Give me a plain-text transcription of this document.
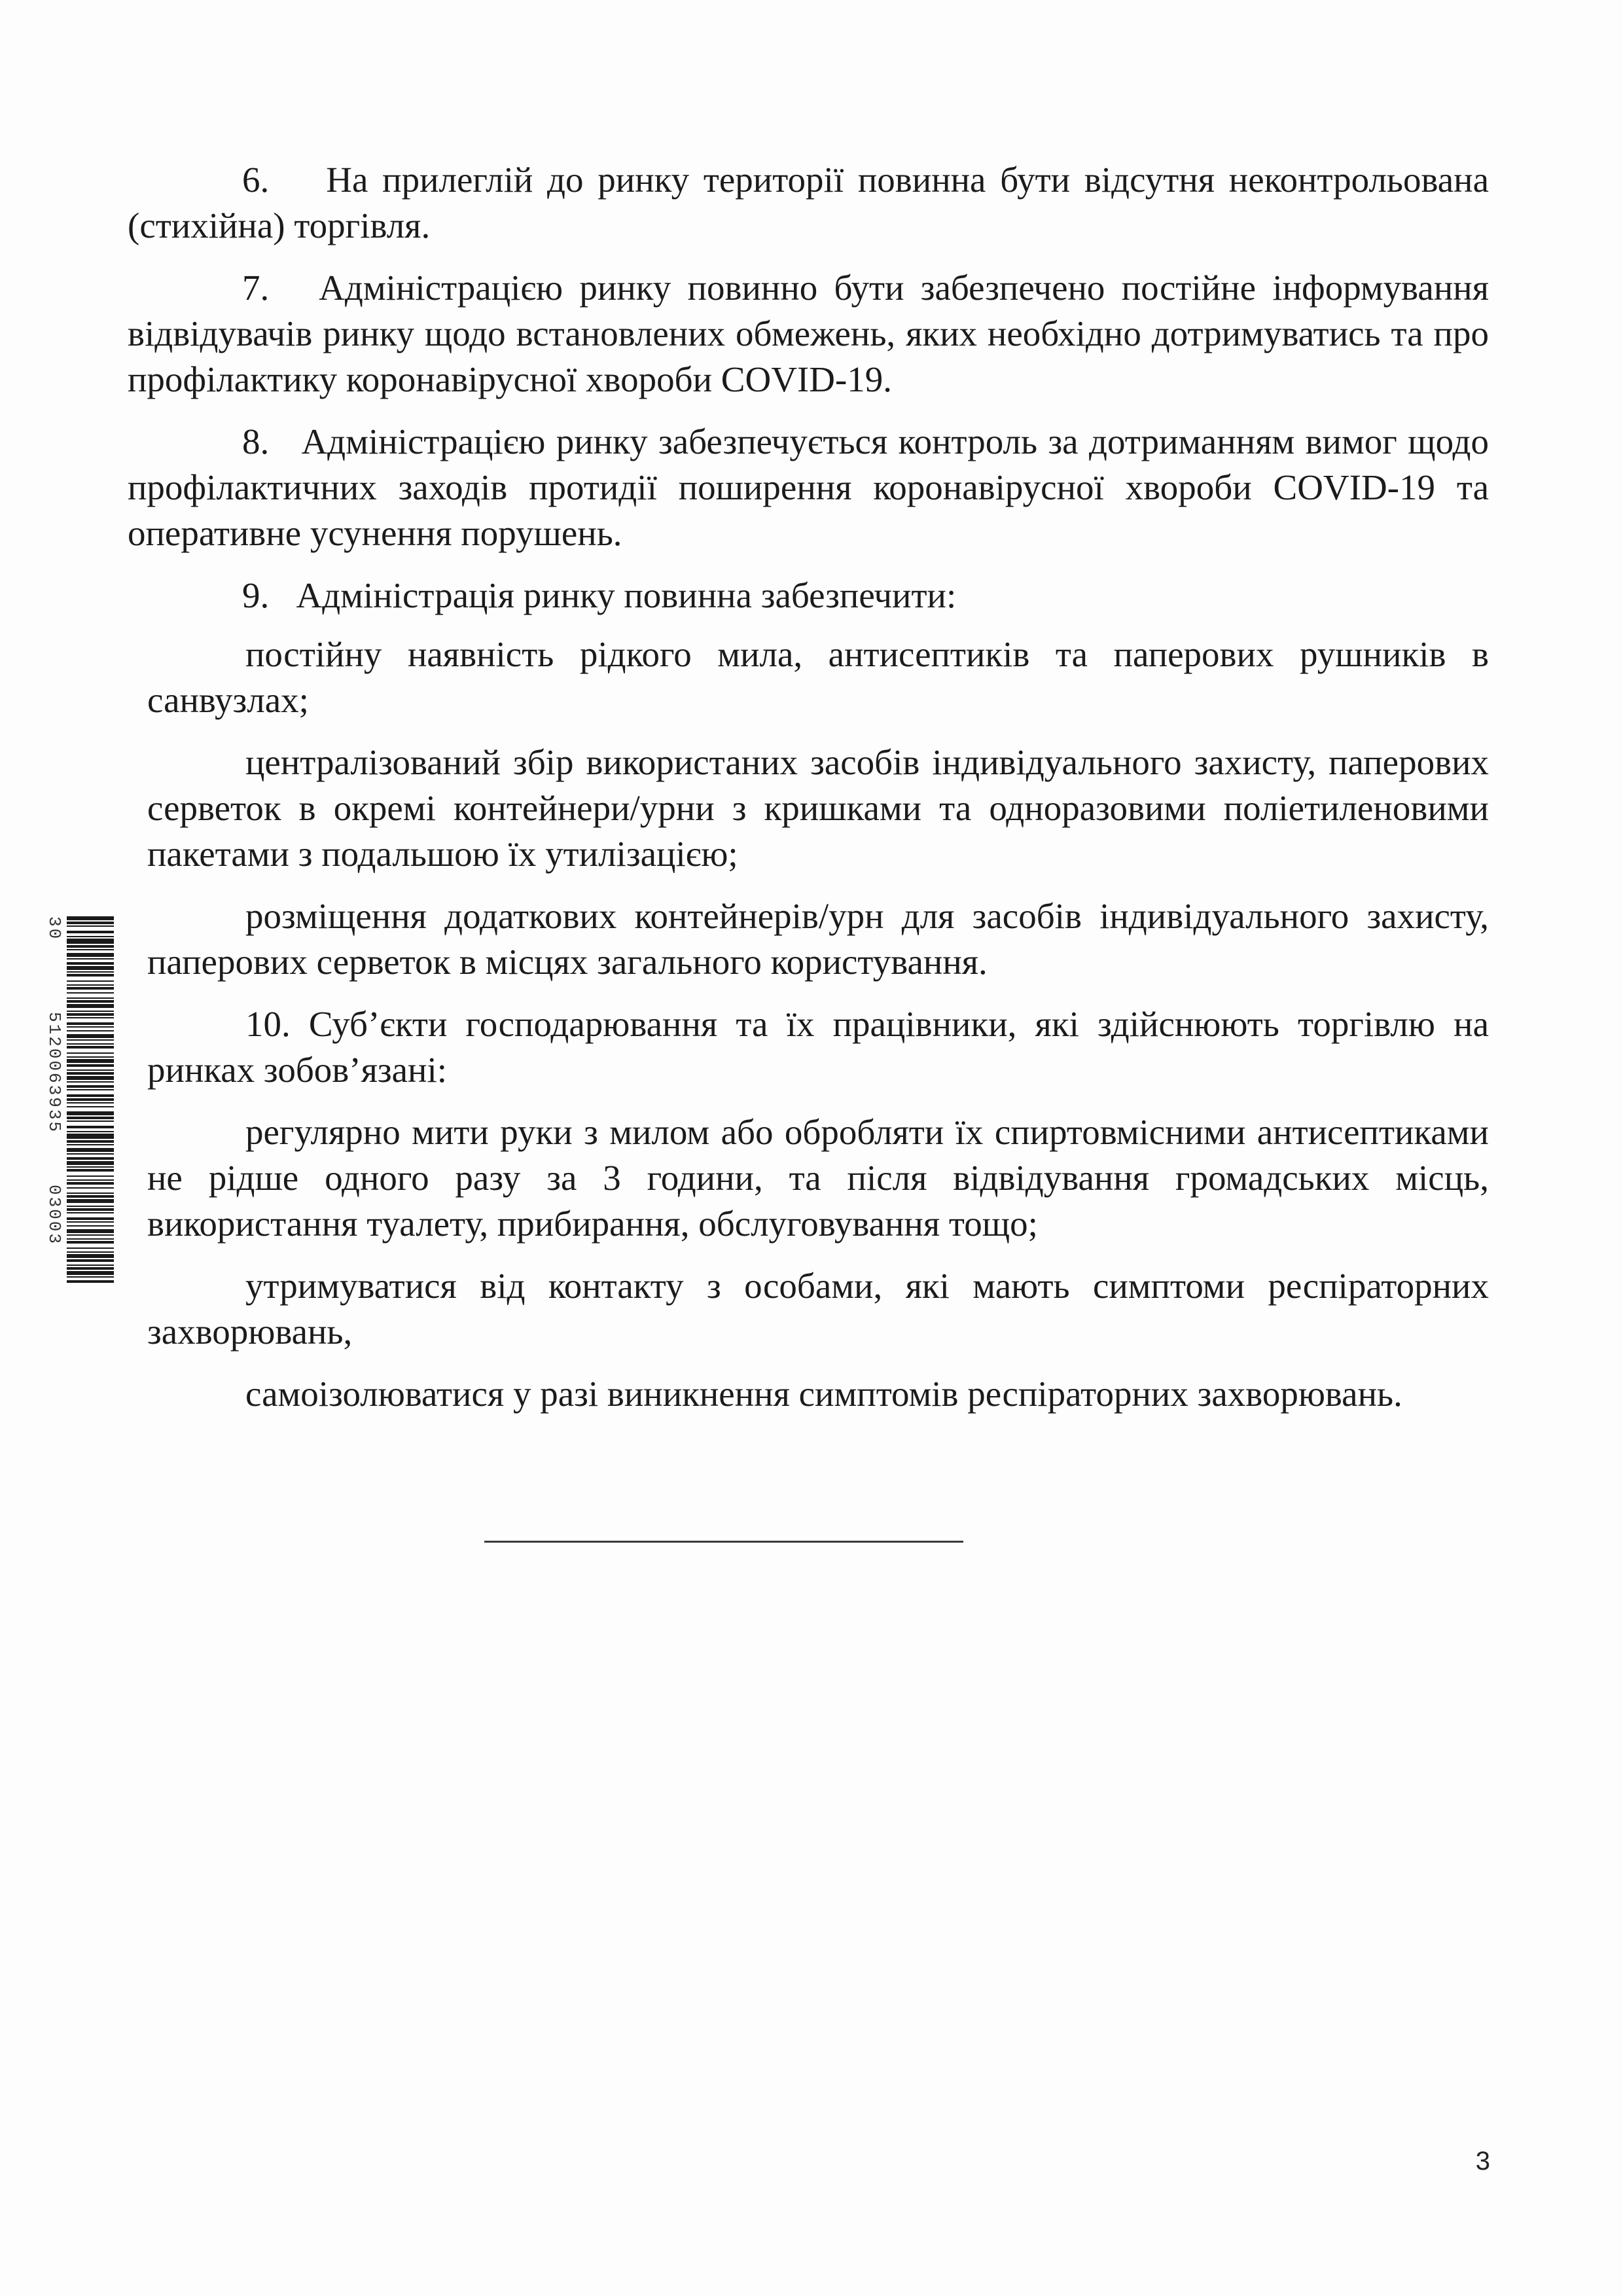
6.    На прилеглій до ринку території повинна бути відсутня неконтрольована (стихійна) торгівля.

7.   Адміністрацією ринку повинно бути забезпечено постійне інформування відвідувачів ринку щодо встановлених обмежень, яких необхідно дотримуватись та про профілактику коронавірусної хвороби COVID-19.

8.   Адміністрацією ринку забезпечується контроль за дотриманням вимог щодо профілактичних заходів протидії поширення коронавірусної хвороби COVID-19 та оперативне усунення порушень.

9.   Адміністрація ринку повинна забезпечити:

постійну наявність рідкого мила, антисептиків та паперових рушників в санвузлах;

централізований збір використаних засобів індивідуального захисту, паперових серветок в окремі контейнери/урни з кришками та одноразовими поліетиленовими пакетами з подальшою їх утилізацією;

розміщення додаткових контейнерів/урн для засобів індивідуального захисту, паперових серветок в місцях загального користування.

10. Суб’єкти господарювання та їх працівники, які здійснюють торгівлю на ринках зобов’язані:

регулярно мити руки з милом або обробляти їх спиртовмісними антисептиками не рідше одного разу за 3 години, та після відвідування громадських місць, використання туалету, прибирання, обслуговування тощо;

утримуватися від контакту з особами, які мають симптоми респіраторних захворювань,

самоізолюватися у разі виникнення симптомів респіраторних захворювань.

3
30 5120063935 03003
